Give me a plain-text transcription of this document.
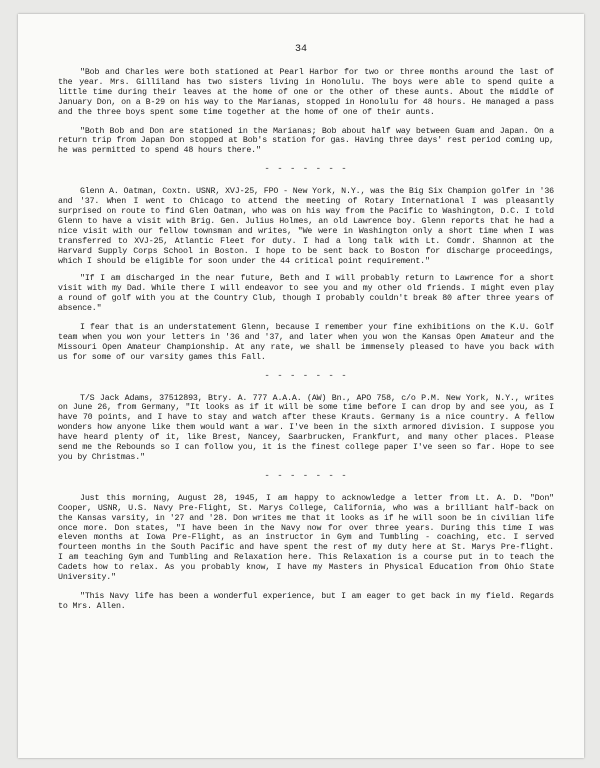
34

"Bob and Charles were both stationed at Pearl Harbor for two or three months around the last of the year. Mrs. Gilliland has two sisters living in Honolulu. The boys were able to spend quite a little time during their leaves at the home of one or the other of these aunts. About the middle of January Don, on a B-29 on his way to the Marianas, stopped in Honolulu for 48 hours. He managed a pass and the three boys spent some time together at the home of one of their aunts.

"Both Bob and Don are stationed in the Marianas; Bob about half way between Guam and Japan. On a return trip from Japan Don stopped at Bob's station for gas. Having three days' rest period coming up, he was permitted to spend 48 hours there."

- - - - - - -

Glenn A. Oatman, Coxtn. USNR, XVJ-25, FPO - New York, N.Y., was the Big Six Champion golfer in '36 and '37. When I went to Chicago to attend the meeting of Rotary International I was pleasantly surprised on route to find Glen Oatman, who was on his way from the Pacific to Washington, D.C. I told Glenn to have a visit with Brig. Gen. Julius Holmes, an old Lawrence boy. Glenn reports that he had a nice visit with our fellow townsman and writes, "We were in Washington only a short time when I was transferred to XVJ-25, Atlantic Fleet for duty. I had a long talk with Lt. Comdr. Shannon at the Harvard Supply Corps School in Boston. I hope to be sent back to Boston for discharge proceedings, which I should be eligible for soon under the 44 critical point requirement."

"If I am discharged in the near future, Beth and I will probably return to Lawrence for a short visit with my Dad. While there I will endeavor to see you and my other old friends. I might even play a round of golf with you at the Country Club, though I probably couldn't break 80 after three years of absence."

I fear that is an understatement Glenn, because I remember your fine exhibitions on the K.U. Golf team when you won your letters in '36 and '37, and later when you won the Kansas Open Amateur and the Missouri Open Amateur Championship. At any rate, we shall be immensely pleased to have you back with us for some of our varsity games this Fall.

- - - - - - -

T/S Jack Adams, 37512893, Btry. A. 777 A.A.A. (AW) Bn., APO 758, c/o P.M. New York, N.Y., writes on June 26, from Germany, "It looks as if it will be some time before I can drop by and see you, as I have 70 points, and I have to stay and watch after these Krauts. Germany is a nice country. A fellow wonders how anyone like them would want a war. I've been in the sixth armored division. I suppose you have heard plenty of it, like Brest, Nancey, Saarbrucken, Frankfurt, and many other places. Please send me the Rebounds so I can follow you, it is the finest college paper I've seen so far. Hope to see you by Christmas."

- - - - - - -

Just this morning, August 28, 1945, I am happy to acknowledge a letter from Lt. A. D. "Don" Cooper, USNR, U.S. Navy Pre-Flight, St. Marys College, California, who was a brilliant half-back on the Kansas varsity, in '27 and '28. Don writes me that it looks as if he will soon be in civilian life once more. Don states, "I have been in the Navy now for over three years. During this time I was eleven months at Iowa Pre-Flight, as an instructor in Gym and Tumbling - coaching, etc. I served fourteen months in the South Pacific and have spent the rest of my duty here at St. Marys Pre-flight. I am teaching Gym and Tumbling and Relaxation here. This Relaxation is a course put in to teach the Cadets how to relax. As you probably know, I have my Masters in Physical Education from Ohio State University."

"This Navy life has been a wonderful experience, but I am eager to get back in my field. Regards to Mrs. Allen.
